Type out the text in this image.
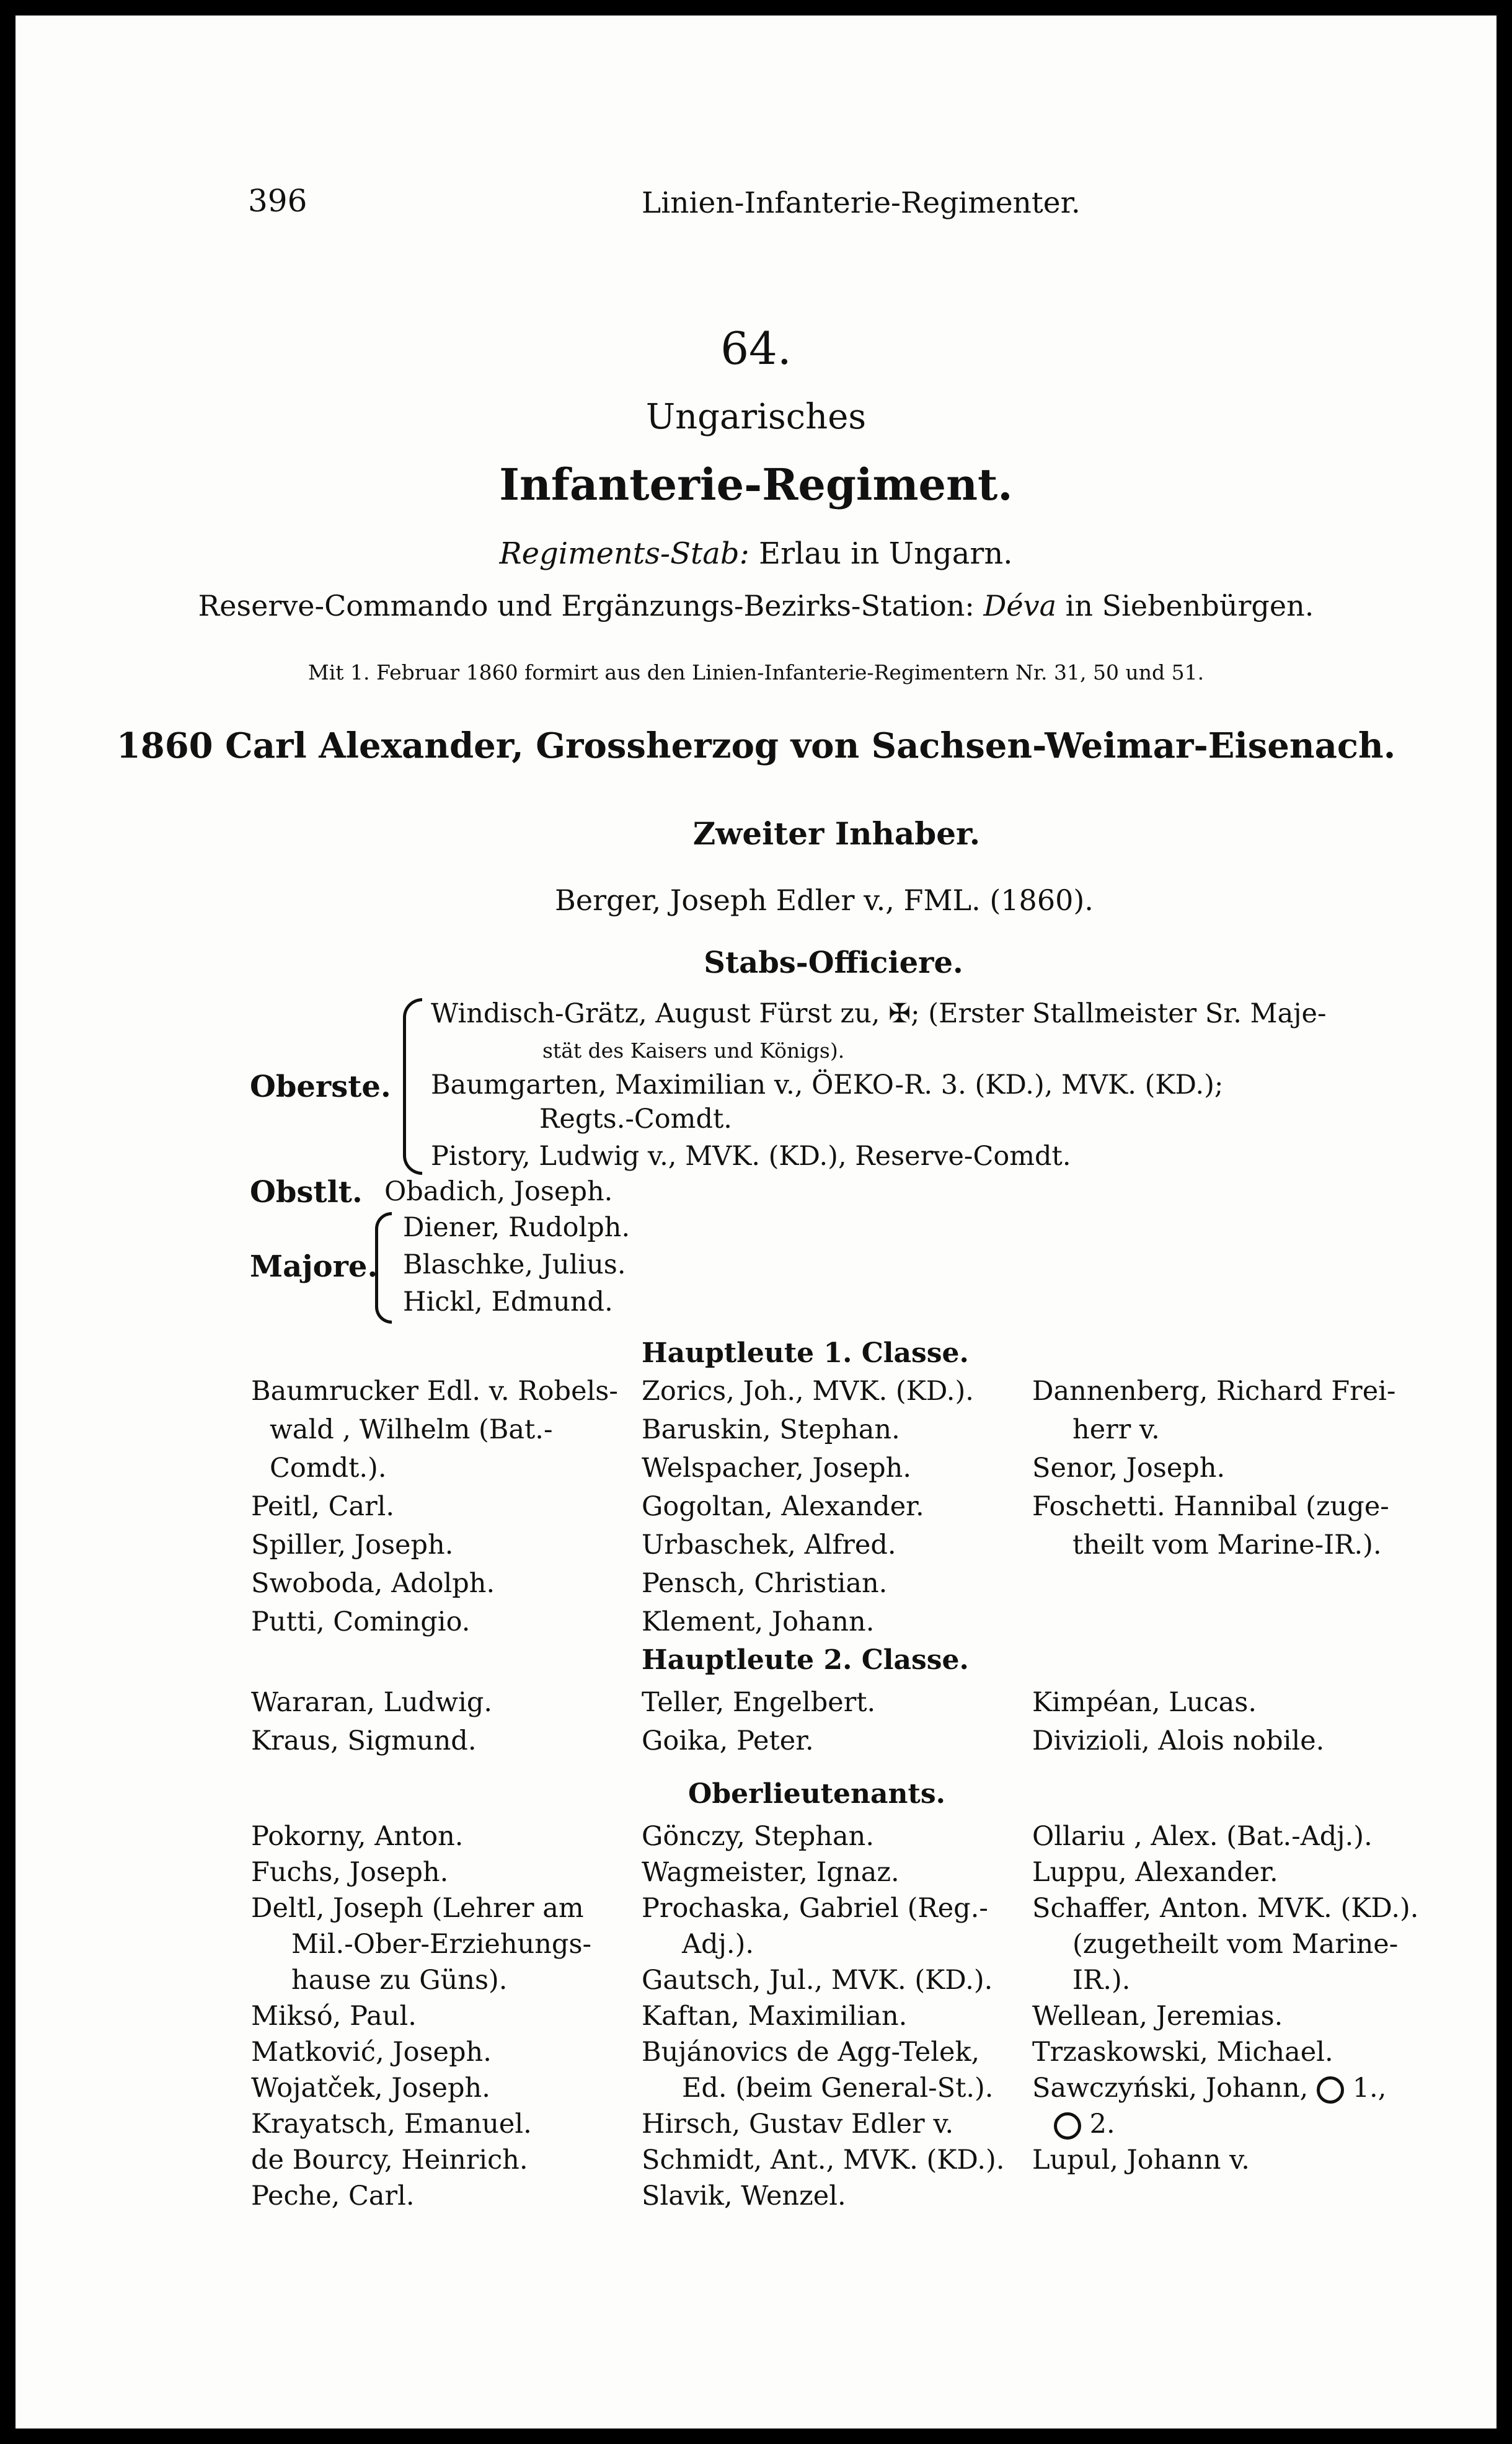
396	Linien-Infanterie-Regimenter.
64.
Ungarisches
Infanterie-Regiment.
Regiments-Stab: Erlau in Ungarn.
Reserve-Commando und Ergänzungs-Bezirks-Station: Déva in Siebenbürgen.
Mit 1. Februar 1860 formirt aus den Linien-Infanterie-Regimentern Nr. 31, 50 und 51.
1860 Carl Alexander, Grossherzog von Sachsen-Weimar-Eisenach.
Zweiter Inhaber.
Berger, Joseph Edler v., FML. (1860).
Stabs-Officiere.
Oberste.
Windisch-Grätz, August Fürst zu, ✠; (Erster Stallmeister Sr. Maje-
stät des Kaisers und Königs).
Baumgarten, Maximilian v., ÖEKO-R. 3. (KD.), MVK. (KD.);
Regts.-Comdt.
Pistory, Ludwig v., MVK. (KD.), Reserve-Comdt.
Obstlt. Obadich, Joseph.
Majore.
Diener, Rudolph.
Blaschke, Julius.
Hickl, Edmund.
Hauptleute 1. Classe.
Baumrucker Edl. v. Robels-
wald , Wilhelm (Bat.-
Comdt.).
Peitl, Carl.
Spiller, Joseph.
Swoboda, Adolph.
Putti, Comingio.
Zorics, Joh., MVK. (KD.).
Baruskin, Stephan.
Welspacher, Joseph.
Gogoltan, Alexander.
Urbaschek, Alfred.
Pensch, Christian.
Klement, Johann.
Dannenberg, Richard Frei-
herr v.
Senor, Joseph.
Foschetti. Hannibal (zuge-
theilt vom Marine-IR.).
Hauptleute 2. Classe.
Wararan, Ludwig.
Kraus, Sigmund.
Teller, Engelbert.
Goika, Peter.
Kimpéan, Lucas.
Divizioli, Alois nobile.
Oberlieutenants.
Pokorny, Anton.
Fuchs, Joseph.
Deltl, Joseph (Lehrer am
Mil.-Ober-Erziehungs-
hause zu Güns).
Miksó, Paul.
Matković, Joseph.
Wojatček, Joseph.
Krayatsch, Emanuel.
de Bourcy, Heinrich.
Peche, Carl.
Gönczy, Stephan.
Wagmeister, Ignaz.
Prochaska, Gabriel (Reg.-
Adj.).
Gautsch, Jul., MVK. (KD.).
Kaftan, Maximilian.
Bujánovics de Agg-Telek,
Ed. (beim General-St.).
Hirsch, Gustav Edler v.
Schmidt, Ant., MVK. (KD.).
Slavik, Wenzel.
Ollariu , Alex. (Bat.-Adj.).
Luppu, Alexander.
Schaffer, Anton. MVK. (KD.).
(zugetheilt vom Marine-
IR.).
Wellean, Jeremias.
Trzaskowski, Michael.
Sawczyński, Johann, 1.,
2.
Lupul, Johann v.
